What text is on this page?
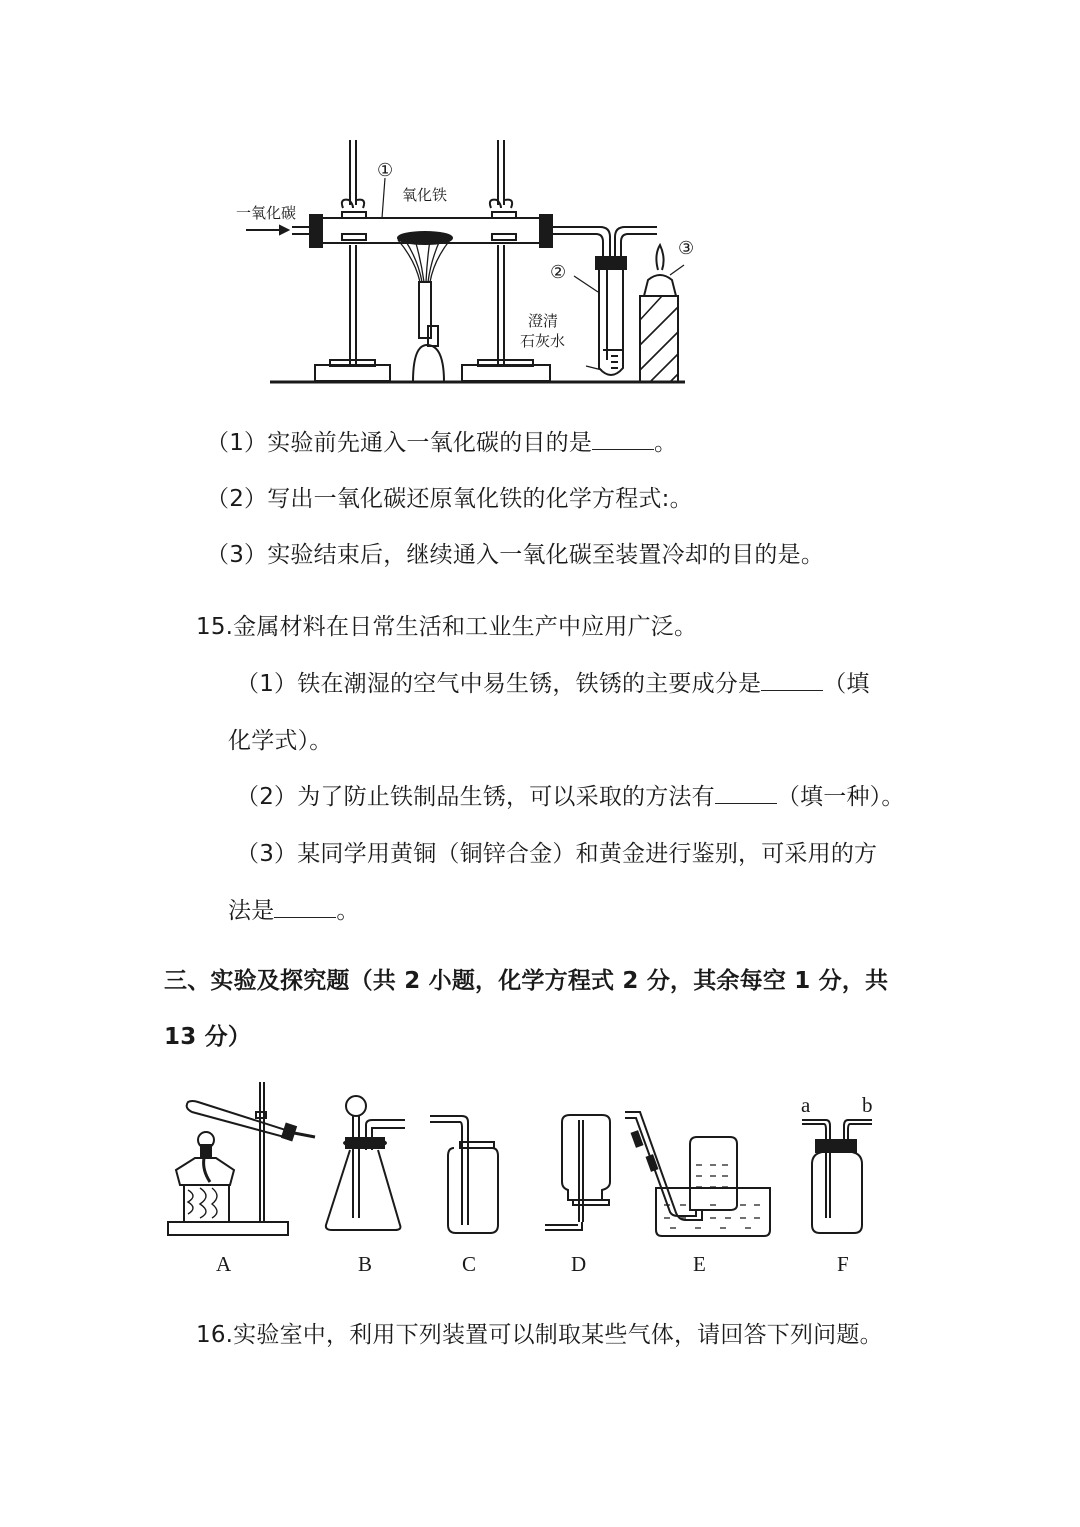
一氧化碳
氧化铁
①
②
③
澄清
石灰水
（1）实验前先通入一氧化碳的目的是	。
（2）写出一氧化碳还原氧化铁的化学方程式:。
（3）实验结束后，继续通入一氧化碳至装置冷却的目的是。
15.金属材料在日常生活和工业生产中应用广泛。
（1）铁在潮湿的空气中易生锈，铁锈的主要成分是	（填
化学式）。
（2）为了防止铁制品生锈，可以采取的方法有	（填一种）。
（3）某同学用黄铜（铜锌合金）和黄金进行鉴别，可采用的方
法是	。
三、实验及探究题（共 2 小题，化学方程式 2 分，其余每空 1 分，共
13 分）
a b
A	B	C	D	E	F
16.实验室中，利用下列装置可以制取某些气体，请回答下列问题。
